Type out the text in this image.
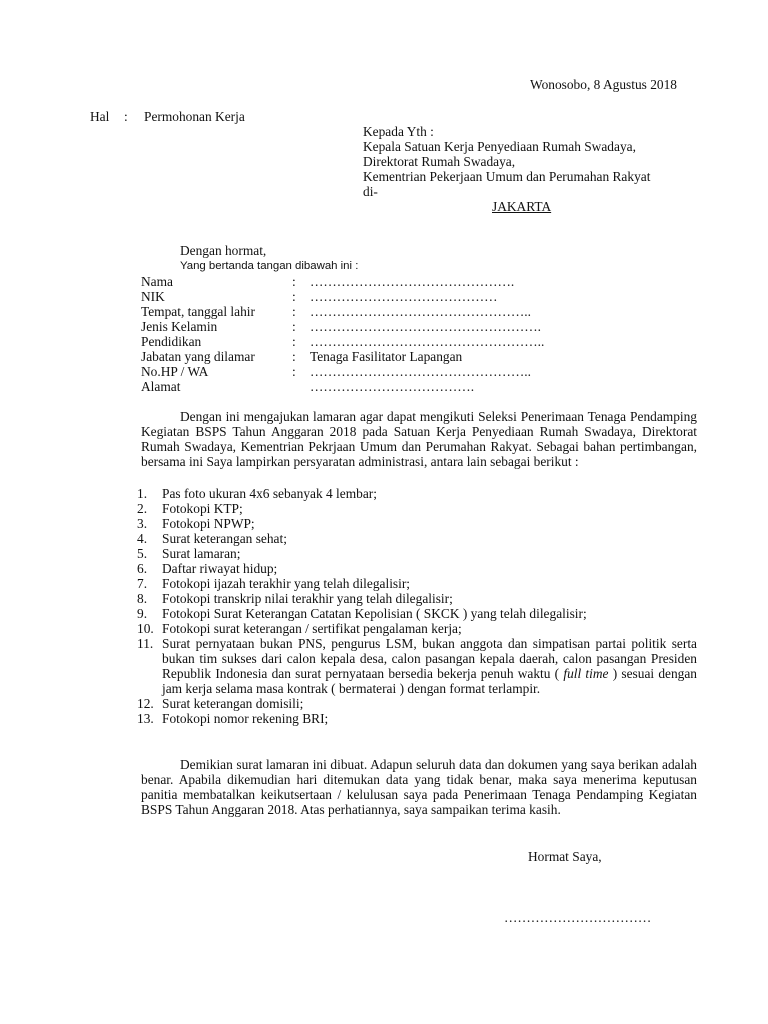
Wonosobo, 8 Agustus 2018
Hal : Permohonan Kerja
Kepada Yth :
Kepala Satuan Kerja Penyediaan Rumah Swadaya,
Direktorat Rumah Swadaya,
Kementrian Pekerjaan Umum dan Perumahan Rakyat
di-
JAKARTA
Dengan hormat,
Yang bertanda tangan dibawah ini :
Nama	: ……………………………………….
NIK	: ……………………………………
Tempat, tanggal lahir	: …………………………………………..
Jenis Kelamin	: …………………………………………….
Pendidikan	: ……………………………………………..
Jabatan yang dilamar	: Tenaga Fasilitator Lapangan
No.HP / WA	: …………………………………………..
Alamat	……………………………….
Dengan ini mengajukan lamaran agar dapat mengikuti Seleksi Penerimaan Tenaga Pendamping Kegiatan BSPS Tahun Anggaran 2018 pada Satuan Kerja Penyediaan Rumah Swadaya, Direktorat Rumah Swadaya, Kementrian Pekrjaan Umum dan Perumahan Rakyat. Sebagai bahan pertimbangan, bersama ini Saya lampirkan persyaratan administrasi, antara lain sebagai berikut :
1. Pas foto ukuran 4x6 sebanyak 4 lembar;
2. Fotokopi KTP;
3. Fotokopi NPWP;
4. Surat keterangan sehat;
5. Surat lamaran;
6. Daftar riwayat hidup;
7. Fotokopi ijazah terakhir yang telah dilegalisir;
8. Fotokopi transkrip nilai terakhir yang telah dilegalisir;
9. Fotokopi Surat Keterangan Catatan Kepolisian ( SKCK ) yang telah dilegalisir;
10. Fotokopi surat keterangan / sertifikat pengalaman kerja;
11. Surat pernyataan bukan PNS, pengurus LSM, bukan anggota dan simpatisan partai politik serta bukan tim sukses dari calon kepala desa, calon pasangan kepala daerah, calon pasangan Presiden Republik Indonesia dan surat pernyataan bersedia bekerja penuh waktu ( full time ) sesuai dengan jam kerja selama masa kontrak ( bermaterai ) dengan format terlampir.
12. Surat keterangan domisili;
13. Fotokopi nomor rekening BRI;
Demikian surat lamaran ini dibuat. Adapun seluruh data dan dokumen yang saya berikan adalah benar. Apabila dikemudian hari ditemukan data yang tidak benar, maka saya menerima keputusan panitia membatalkan keikutsertaan / kelulusan saya pada Penerimaan Tenaga Pendamping Kegiatan BSPS Tahun Anggaran 2018. Atas perhatiannya, saya sampaikan terima kasih.
Hormat Saya,
……………………………
